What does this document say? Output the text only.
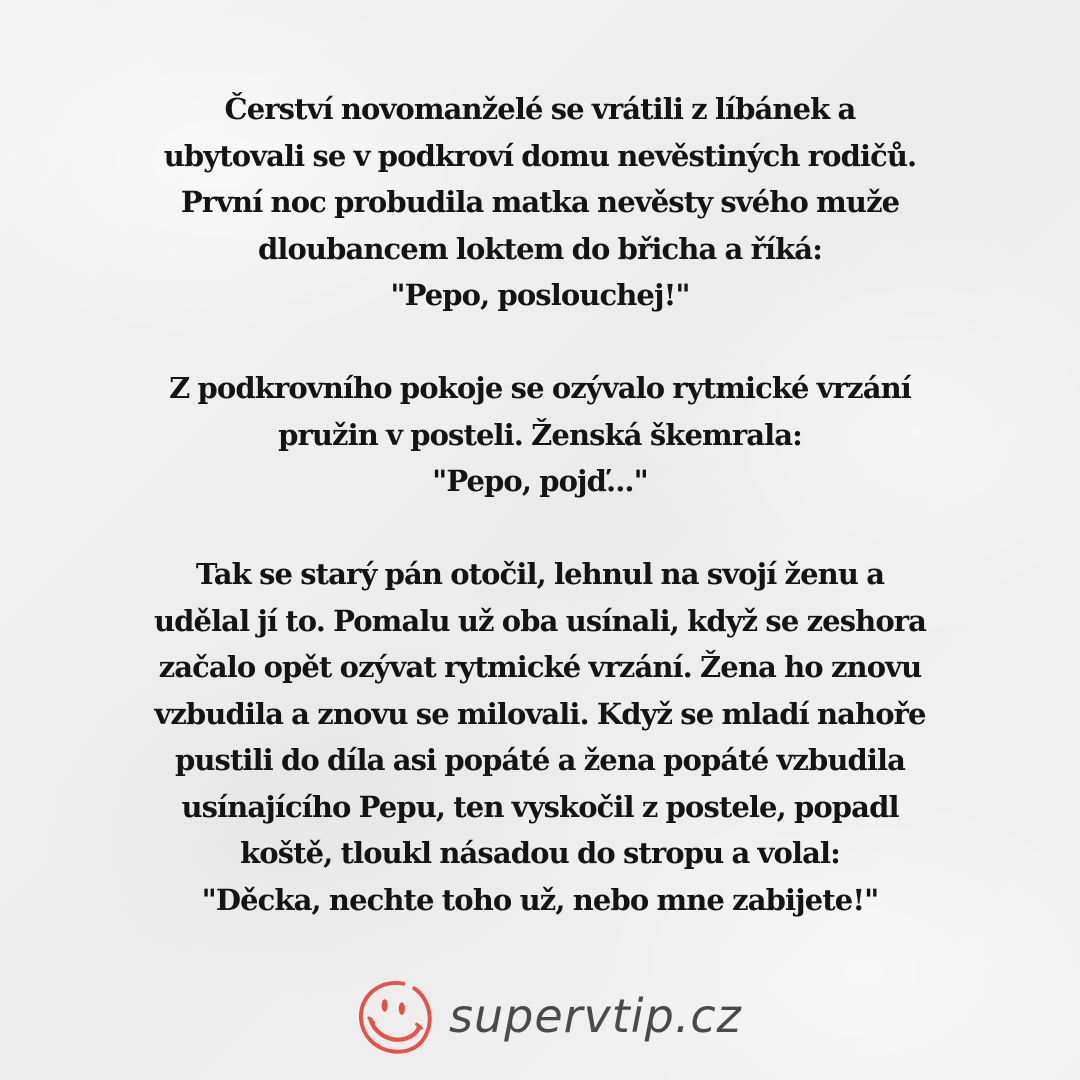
Čerství novomanželé se vrátili z líbánek a
ubytovali se v podkroví domu nevěstiných rodičů.
První noc probudila matka nevěsty svého muže
dloubancem loktem do břicha a říká:
"Pepo, poslouchej!"
Z podkrovního pokoje se ozývalo rytmické vrzání
pružin v posteli. Ženská škemrala:
"Pepo, pojď..."
Tak se starý pán otočil, lehnul na svojí ženu a
udělal jí to. Pomalu už oba usínali, když se zeshora
začalo opět ozývat rytmické vrzání. Žena ho znovu
vzbudila a znovu se milovali. Když se mladí nahoře
pustili do díla asi popáté a žena popáté vzbudila
usínajícího Pepu, ten vyskočil z postele, popadl
koště, tloukl násadou do stropu a volal:
"Děcka, nechte toho už, nebo mne zabijete!"
supervtip.cz
